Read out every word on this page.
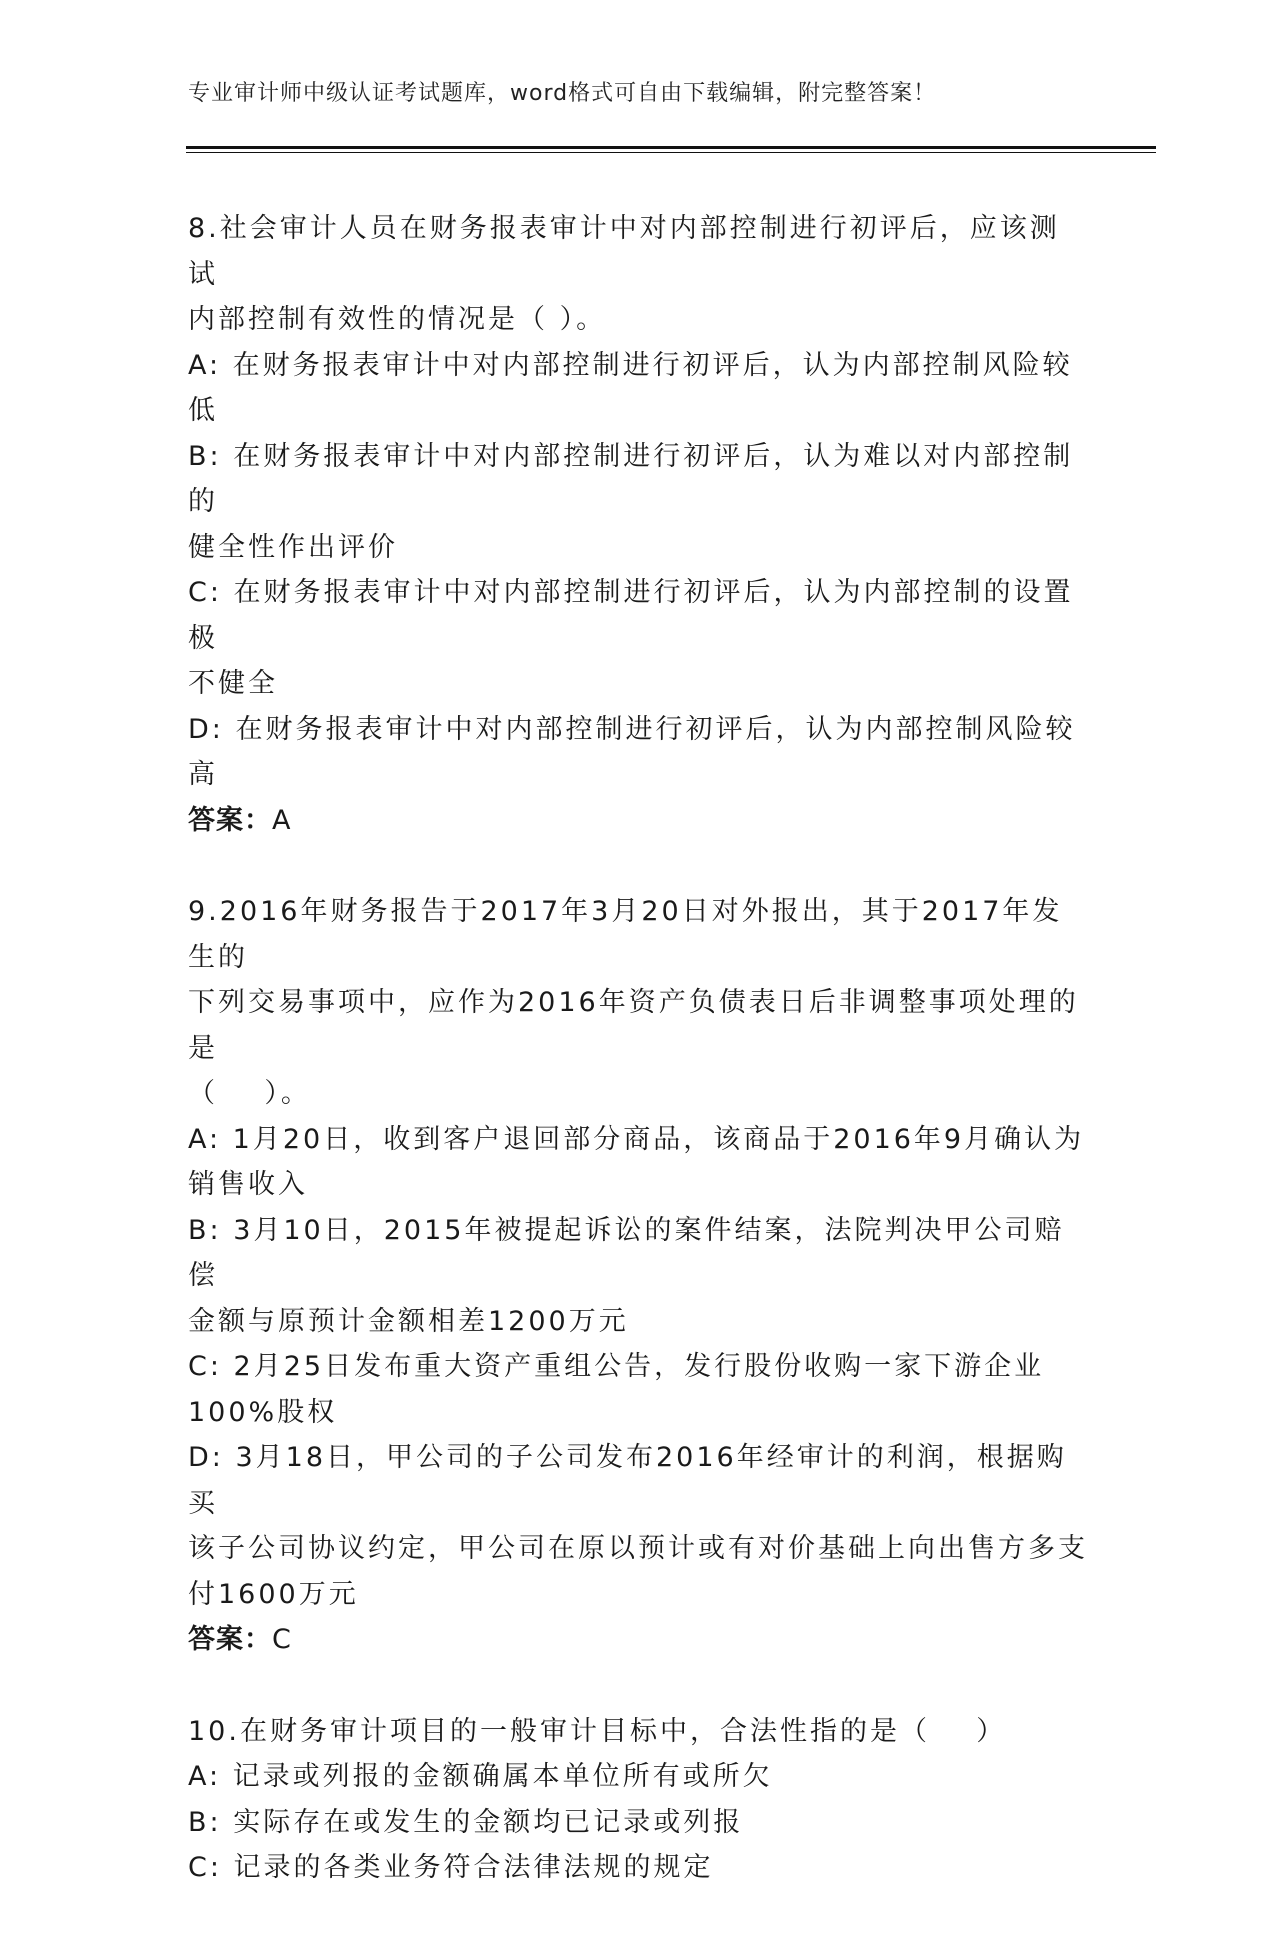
专业审计师中级认证考试题库，word格式可自由下载编辑，附完整答案！
8.社会审计人员在财务报表审计中对内部控制进行初评后，应该测试
内部控制有效性的情况是（ ）。
A: 在财务报表审计中对内部控制进行初评后，认为内部控制风险较低
B: 在财务报表审计中对内部控制进行初评后，认为难以对内部控制的
健全性作出评价
C: 在财务报表审计中对内部控制进行初评后，认为内部控制的设置极
不健全
D: 在财务报表审计中对内部控制进行初评后，认为内部控制风险较高
答案：A
9.2016年财务报告于2017年3月20日对外报出，其于2017年发生的
下列交易事项中，应作为2016年资产负债表日后非调整事项处理的是
（    ）。
A: 1月20日，收到客户退回部分商品，该商品于2016年9月确认为
销售收入
B: 3月10日，2015年被提起诉讼的案件结案，法院判决甲公司赔偿
金额与原预计金额相差1200万元
C: 2月25日发布重大资产重组公告，发行股份收购一家下游企业
100%股权
D: 3月18日，甲公司的子公司发布2016年经审计的利润，根据购买
该子公司协议约定，甲公司在原以预计或有对价基础上向出售方多支
付1600万元
答案：C
10.在财务审计项目的一般审计目标中，合法性指的是（    ）
A: 记录或列报的金额确属本单位所有或所欠
B: 实际存在或发生的金额均已记录或列报
C: 记录的各类业务符合法律法规的规定
